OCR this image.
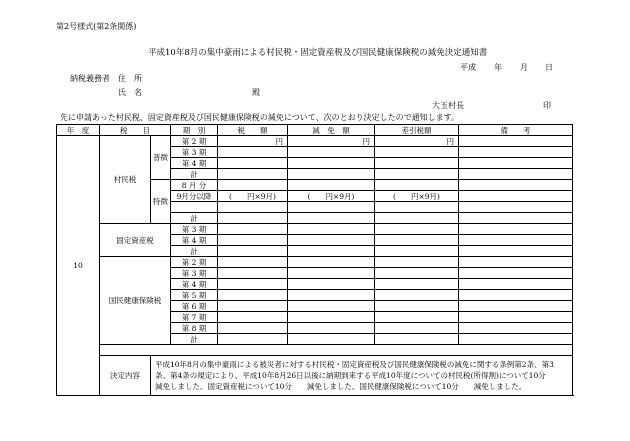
第2号様式(第2条関係)
平成10年8月の集中豪雨による村民税・固定資産税及び国民健康保険税の減免決定通知書
平成 年 月 日
納税義務者 住　所
氏　名	殿
大玉村長	印
先に申請あった村民税、固定資産税及び国民健康保険税の減免について、次のとおり決定したので通知します。
年　度	税　　目		期　別	税　　額	減　免　額	差引税額	備　　考
10	村民税	普徴	第 2 期	円	円	円	
			第 3 期				
			第 4 期				
			計				
		特徴	8 月 分				
			9月分以降	(　　円×9月)	(　　円×9月)	(　　円×9月)	

			計				
	固定資産税		第 3 期				
			第 4 期				
			計				
	国民健康保険税		第 2 期				
			第 3 期				
			第 4 期				
			第 5 期				
			第 6 期				
			第 7 期				
			第 8 期				
			計				

	決定内容	平成10年8月の集中豪雨による被災者に対する村民税・固定資産税及び国民健康保険税の減免に関する条例第2条、第3条、第4条の規定により、平成10年8月26日以後に納期到来する平成10年度についての村民税(所得割)について10分　　減免しました。固定資産税について10分　　減免しました。国民健康保険税について10分　　減免しました。					
